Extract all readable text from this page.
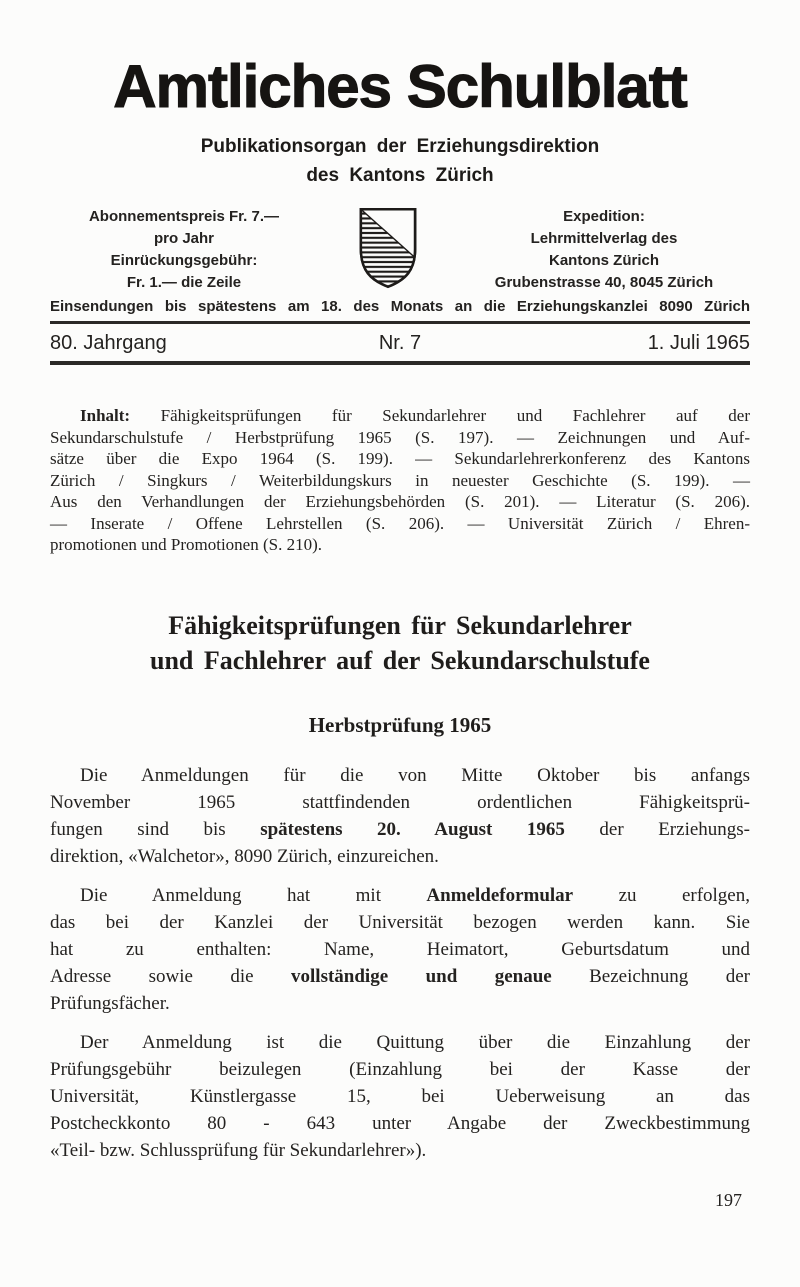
Amtliches Schulblatt
Publikationsorgan der Erziehungsdirektion
des Kantons Zürich
Abonnementspreis Fr. 7.—
pro Jahr
Einrückungsgebühr:
Fr. 1.— die Zeile
Expedition:
Lehrmittelverlag des
Kantons Zürich
Grubenstrasse 40, 8045 Zürich
Einsendungen bis spätestens am 18. des Monats an die Erziehungskanzlei 8090 Zürich
80. Jahrgang	Nr. 7	1. Juli 1965
Inhalt: Fähigkeitsprüfungen für Sekundarlehrer und Fachlehrer auf der
Sekundarschulstufe / Herbstprüfung 1965 (S. 197). — Zeichnungen und Auf-
sätze über die Expo 1964 (S. 199). — Sekundarlehrerkonferenz des Kantons
Zürich / Singkurs / Weiterbildungskurs in neuester Geschichte (S. 199). —
Aus den Verhandlungen der Erziehungsbehörden (S. 201). — Literatur (S. 206).
— Inserate / Offene Lehrstellen (S. 206). — Universität Zürich / Ehren-
promotionen und Promotionen (S. 210).
Fähigkeitsprüfungen für Sekundarlehrer
und Fachlehrer auf der Sekundarschulstufe
Herbstprüfung 1965
Die Anmeldungen für die von Mitte Oktober bis anfangs
November 1965 stattfindenden ordentlichen Fähigkeitsprü-
fungen sind bis spätestens 20. August 1965 der Erziehungs-
direktion, «Walchetor», 8090 Zürich, einzureichen.
Die Anmeldung hat mit Anmeldeformular zu erfolgen,
das bei der Kanzlei der Universität bezogen werden kann. Sie
hat zu enthalten: Name, Heimatort, Geburtsdatum und
Adresse sowie die vollständige und genaue Bezeichnung der
Prüfungsfächer.
Der Anmeldung ist die Quittung über die Einzahlung der
Prüfungsgebühr beizulegen (Einzahlung bei der Kasse der
Universität, Künstlergasse 15, bei Ueberweisung an das
Postcheckkonto 80 - 643 unter Angabe der Zweckbestimmung
«Teil- bzw. Schlussprüfung für Sekundarlehrer»).
197
